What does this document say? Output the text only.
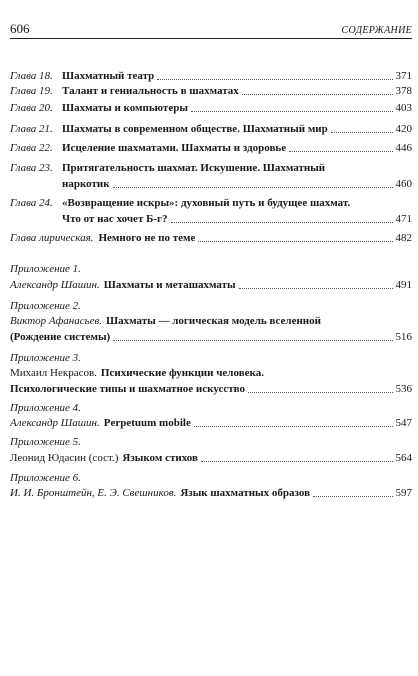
606	СОДЕРЖАНИЕ
Глава 18. Шахматный театр	371
Глава 19. Талант и гениальность в шахматах	378
Глава 20. Шахматы и компьютеры	403
Глава 21. Шахматы в современном обществе. Шахматный мир	420
Глава 22. Исцеление шахматами. Шахматы и здоровье	446
Глава 23. Притягательность шахмат. Искушение. Шахматный
наркотик	460
Глава 24. «Возвращение искры»: духовный путь и будущее шахмат.
Что от нас хочет Б-г?	471
Глава лирическая. Немного не по теме	482
Приложение 1.
Александр Шашин. Шахматы и меташахматы	491
Приложение 2.
Виктор Афанасьев. Шахматы — логическая модель вселенной
(Рождение системы)	516
Приложение 3.
Михаил Некрасов. Психические функции человека.
Психологические типы и шахматное искусство	536
Приложение 4.
Александр Шашин. Perpetuum mobile	547
Приложение 5.
Леонид Юдасин (сост.) Языком стихов	564
Приложение 6.
И. И. Бронштейн, Е. Э. Свешников. Язык шахматных образов	597
